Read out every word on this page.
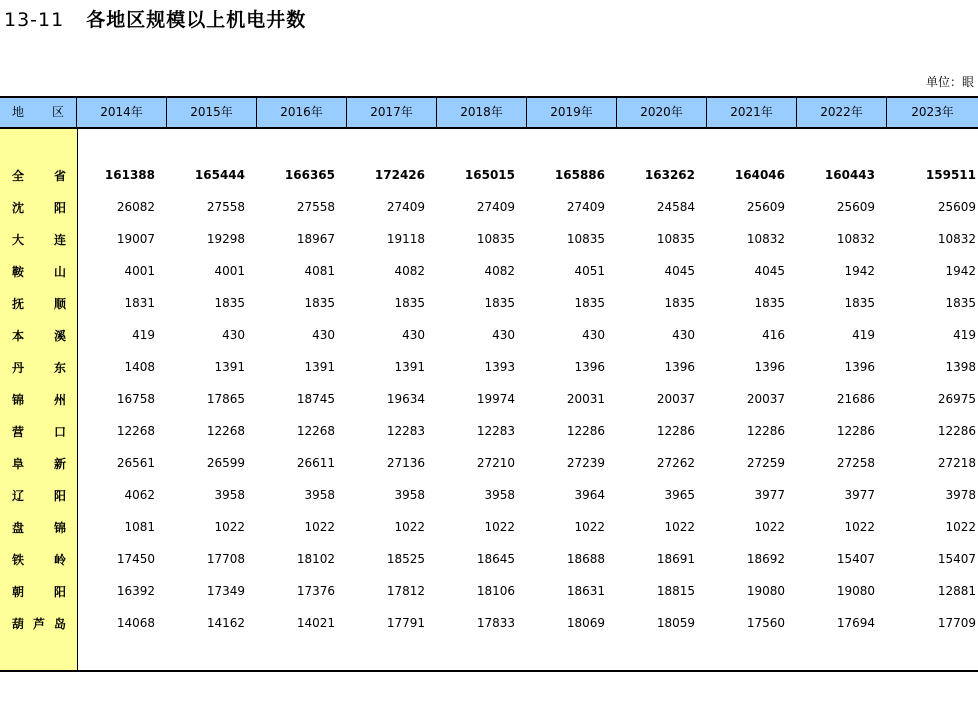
13-11 各地区规模以上机电井数
单位：眼
地 区	2014年	2015年	2016年	2017年	2018年	2019年	2020年	2021年	2022年	2023年
全省 161388	165444	166365	172426	165015	165886	163262	164046	160443	159511
沈阳	26082	27558	27558	27409	27409	27409	24584	25609	25609	25609
大连	19007	19298	18967	19118	10835	10835	10835	10832	10832	10832
鞍山	4001	4001	4081	4082	4082	4051	4045	4045	1942	1942
抚顺	1831	1835	1835	1835	1835	1835	1835	1835	1835	1835
本溪	419	430	430	430	430	430	430	416	419	419
丹东	1408	1391	1391	1391	1393	1396	1396	1396	1396	1398
锦州	16758	17865	18745	19634	19974	20031	20037	20037	21686	26975
营口	12268	12268	12268	12283	12283	12286	12286	12286	12286	12286
阜新	26561	26599	26611	27136	27210	27239	27262	27259	27258	27218
辽阳	4062	3958	3958	3958	3958	3964	3965	3977	3977	3978
盘锦	1081	1022	1022	1022	1022	1022	1022	1022	1022	1022
铁岭	17450	17708	18102	18525	18645	18688	18691	18692	15407	15407
朝阳	16392	17349	17376	17812	18106	18631	18815	19080	19080	12881
葫芦岛	14068	14162	14021	17791	17833	18069	18059	17560	17694	17709
